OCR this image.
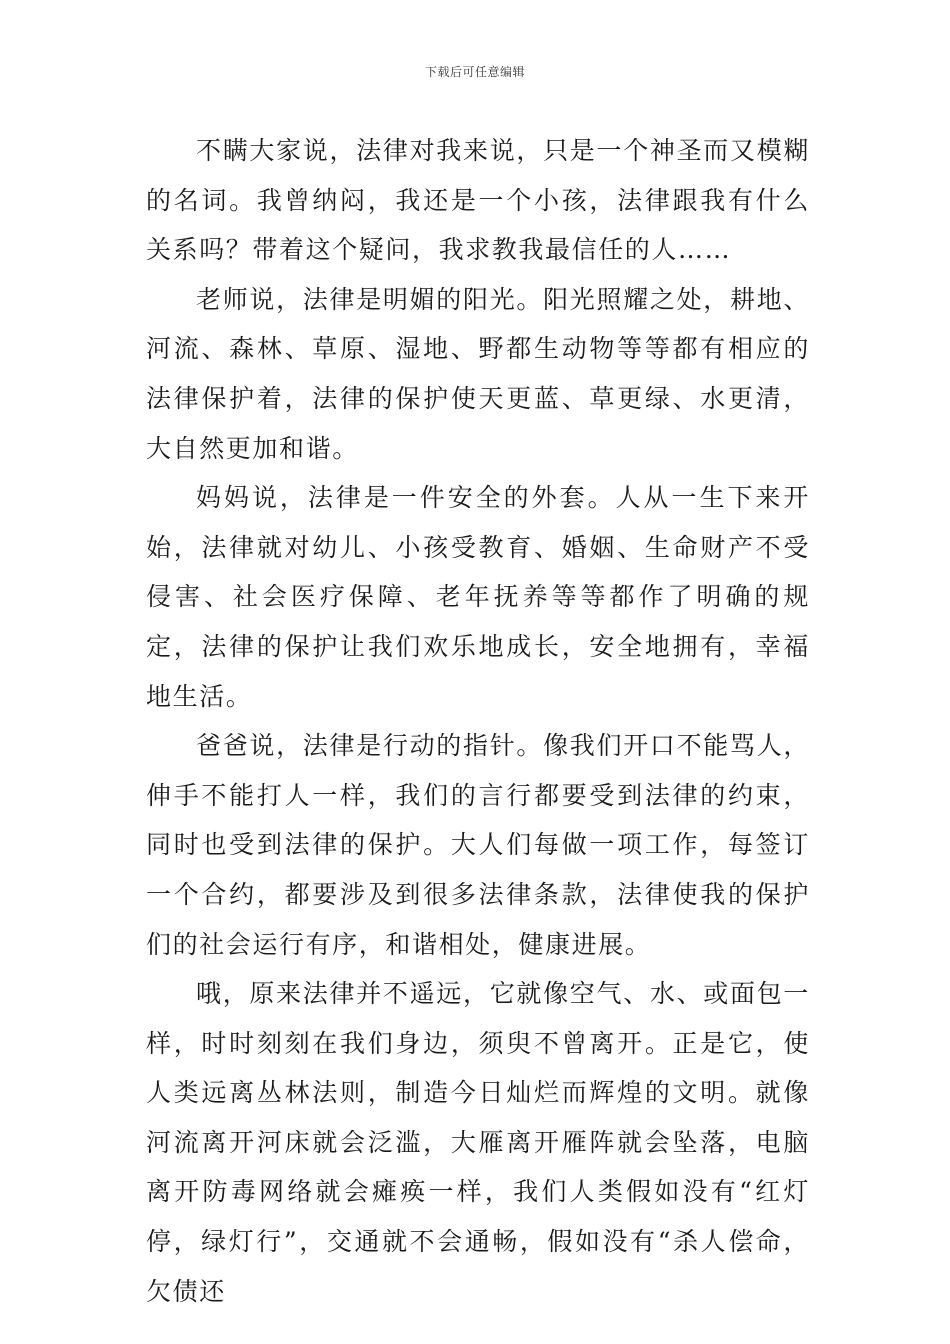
下载后可任意编辑

不瞒大家说，法律对我来说，只是一个神圣而又模糊的名词。我曾纳闷，我还是一个小孩，法律跟我有什么关系吗？带着这个疑问，我求教我最信任的人……

老师说，法律是明媚的阳光。阳光照耀之处，耕地、河流、森林、草原、湿地、野都生动物等等都有相应的法律保护着，法律的保护使天更蓝、草更绿、水更清，大自然更加和谐。

妈妈说，法律是一件安全的外套。人从一生下来开始，法律就对幼儿、小孩受教育、婚姻、生命财产不受侵害、社会医疗保障、老年抚养等等都作了明确的规定，法律的保护让我们欢乐地成长，安全地拥有，幸福地生活。

爸爸说，法律是行动的指针。像我们开口不能骂人，伸手不能打人一样，我们的言行都要受到法律的约束，同时也受到法律的保护。大人们每做一项工作，每签订一个合约，都要涉及到很多法律条款，法律使我的保护们的社会运行有序，和谐相处，健康进展。

哦，原来法律并不遥远，它就像空气、水、或面包一样，时时刻刻在我们身边，须臾不曾离开。正是它，使人类远离丛林法则，制造今日灿烂而辉煌的文明。就像河流离开河床就会泛滥，大雁离开雁阵就会坠落，电脑离开防毒网络就会瘫痪一样，我们人类假如没有“红灯停，绿灯行”，交通就不会通畅，假如没有“杀人偿命，欠债还
